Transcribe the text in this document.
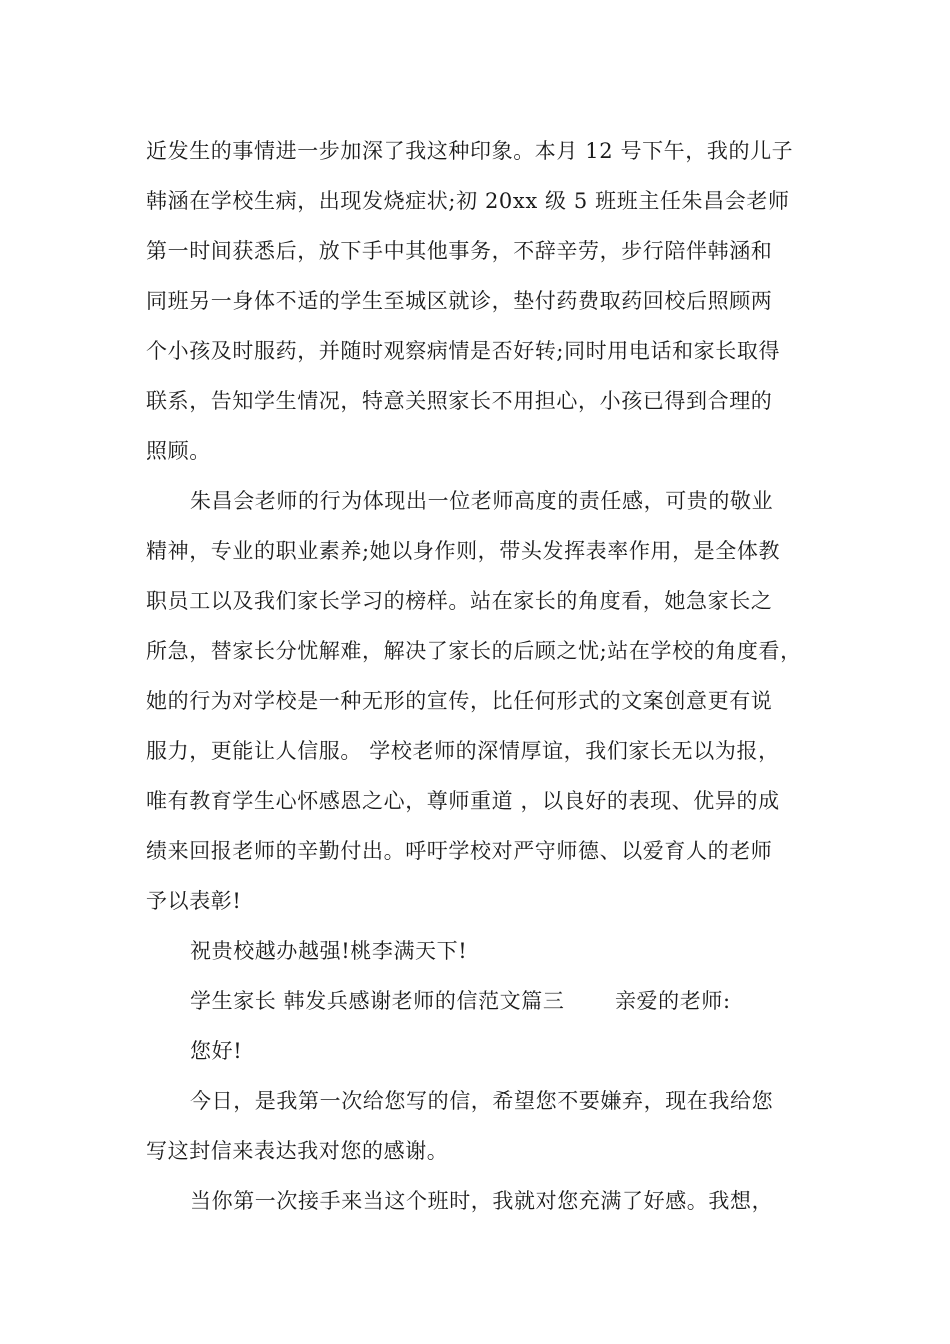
近发生的事情进一步加深了我这种印象。本月 12 号下午，我的儿子
韩涵在学校生病，出现发烧症状;初 20xx 级 5 班班主任朱昌会老师
第一时间获悉后，放下手中其他事务，不辞辛劳，步行陪伴韩涵和
同班另一身体不适的学生至城区就诊，垫付药费取药回校后照顾两
个小孩及时服药，并随时观察病情是否好转;同时用电话和家长取得
联系，告知学生情况，特意关照家长不用担心，小孩已得到合理的
照顾。
朱昌会老师的行为体现出一位老师高度的责任感，可贵的敬业
精神，专业的职业素养;她以身作则，带头发挥表率作用，是全体教
职员工以及我们家长学习的榜样。站在家长的角度看，她急家长之
所急，替家长分忧解难，解决了家长的后顾之忧;站在学校的角度看，
她的行为对学校是一种无形的宣传，比任何形式的文案创意更有说
服力，更能让人信服。 学校老师的深情厚谊，我们家长无以为报，
唯有教育学生心怀感恩之心，尊师重道 ，以良好的表现、优异的成
绩来回报老师的辛勤付出。呼吁学校对严守师德、以爱育人的老师
予以表彰!
祝贵校越办越强!桃李满天下!
学生家长 韩发兵感谢老师的信范文篇三　　 亲爱的老师:
您好!
今日，是我第一次给您写的信，希望您不要嫌弃，现在我给您
写这封信来表达我对您的感谢。
当你第一次接手来当这个班时，我就对您充满了好感。我想，
